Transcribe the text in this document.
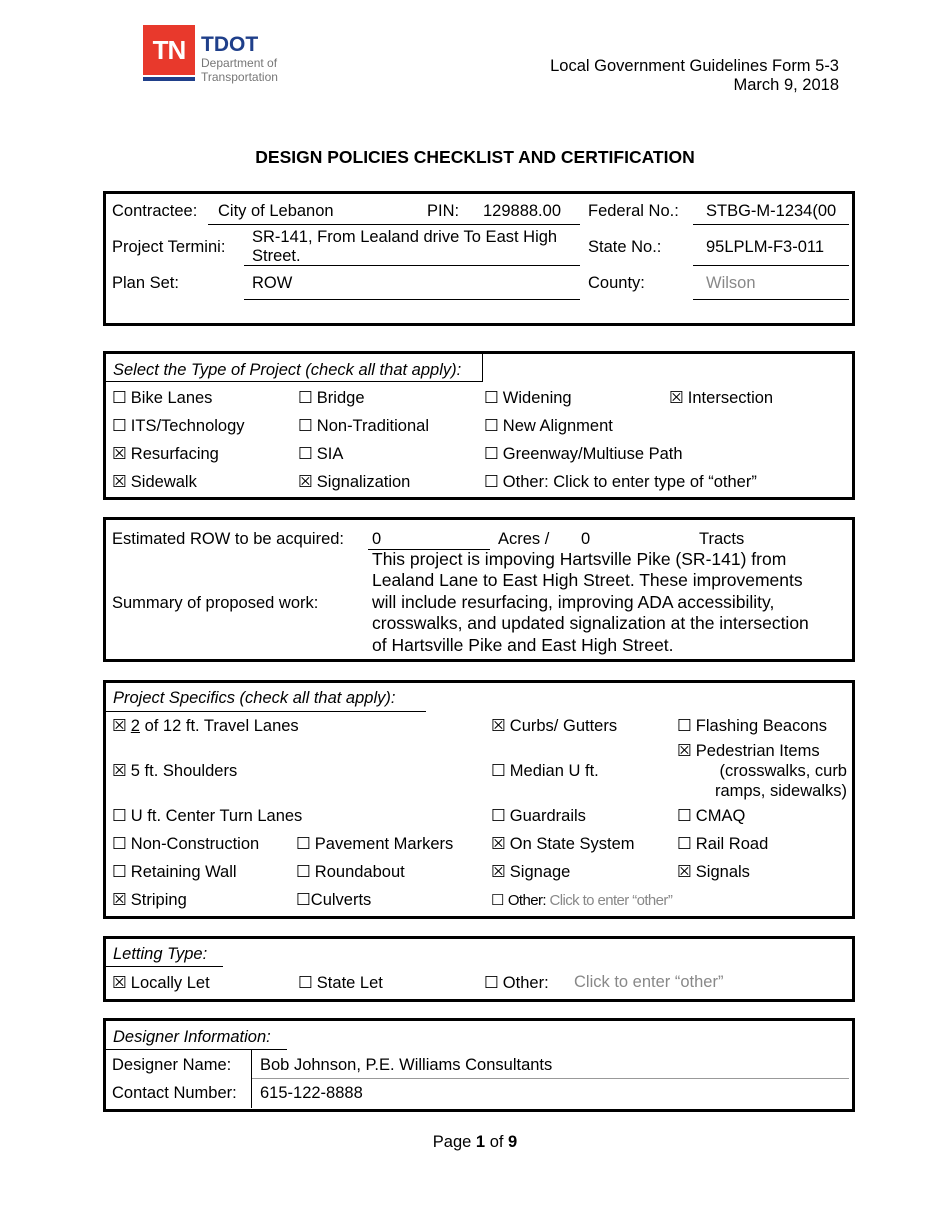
TN TDOT
Department of
Transportation
Local Government Guidelines Form 5-3
March 9, 2018
DESIGN POLICIES CHECKLIST AND CERTIFICATION
Contractee: City of Lebanon	PIN: 129888.00 Federal No.: STBG-M-1234(00
Project Termini:
SR-141, From Lealand drive To East High
Street.	State No.:	95LPLM-F3-011
Plan Set:	ROW	County:	Wilson
Select the Type of Project (check all that apply):
☐ Bike Lanes	☐ Bridge	☐ Widening	☒ Intersection
☐ ITS/Technology	☐ Non-Traditional	☐ New Alignment
☒ Resurfacing	☐ SIA	☐ Greenway/Multiuse Path
☒ Sidewalk	☒ Signalization	☐ Other: Click to enter type of “other”
Estimated ROW to be acquired: 0	Acres / 0	Tracts
Summary of proposed work:
This project is impoving Hartsville Pike (SR-141) from
Lealand Lane to East High Street. These improvements
will include resurfacing, improving ADA accessibility,
crosswalks, and updated signalization at the intersection
of Hartsville Pike and East High Street.
Project Specifics (check all that apply):
☒ 2 of 12 ft. Travel Lanes	☒ Curbs/ Gutters	☐ Flashing Beacons
☒ 5 ft. Shoulders	☐ Median U ft.
☒ Pedestrian Items
(crosswalks, curb
ramps, sidewalks)
☐ U ft. Center Turn Lanes	☐ Guardrails	☐ CMAQ
☐ Non-Construction ☐ Pavement Markers ☒ On State System	☐ Rail Road
☐ Retaining Wall	☐ Roundabout	☒ Signage	☒ Signals
☒ Striping	☐Culverts	☐ Other: Click to enter “other”
Letting Type:
☒ Locally Let	☐ State Let	☐ Other: Click to enter “other”
Designer Information:
Designer Name: Bob Johnson, P.E. Williams Consultants
Contact Number: 615-122-8888
Page 1 of 9
